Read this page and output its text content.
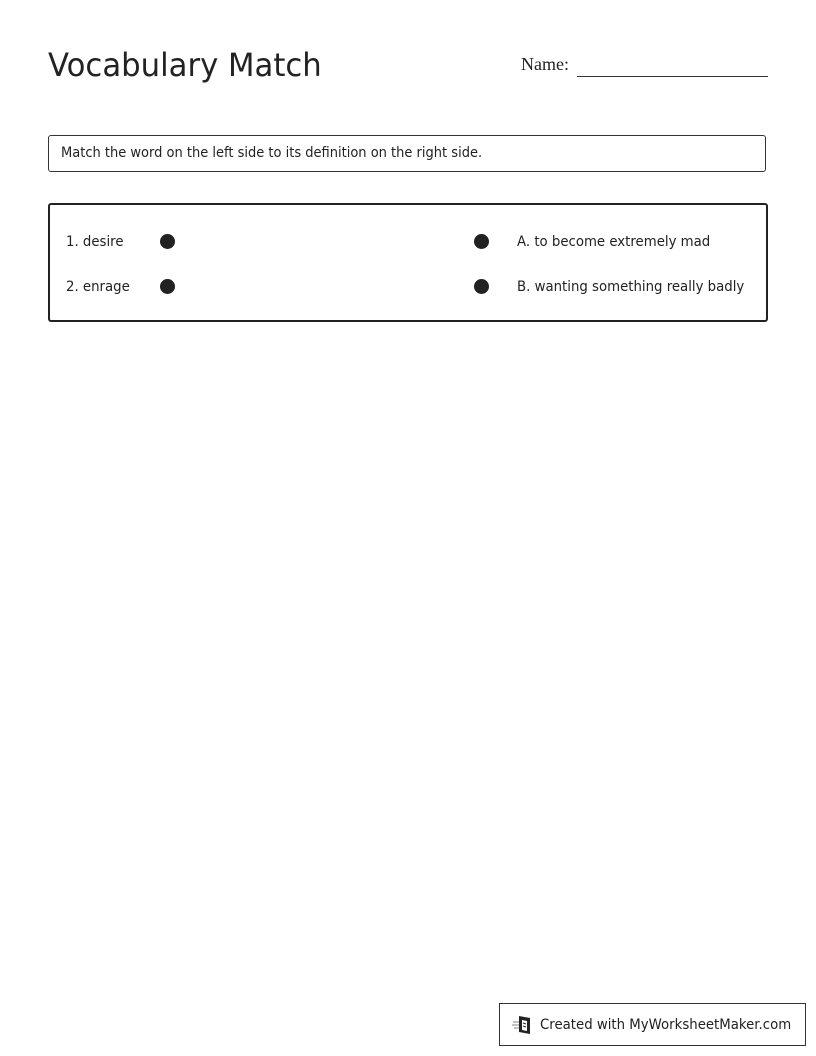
Vocabulary Match	Name:
Match the word on the left side to its definition on the right side.
1. desire	A. to become extremely mad
2. enrage	B. wanting something really badly
Created with MyWorksheetMaker.com
